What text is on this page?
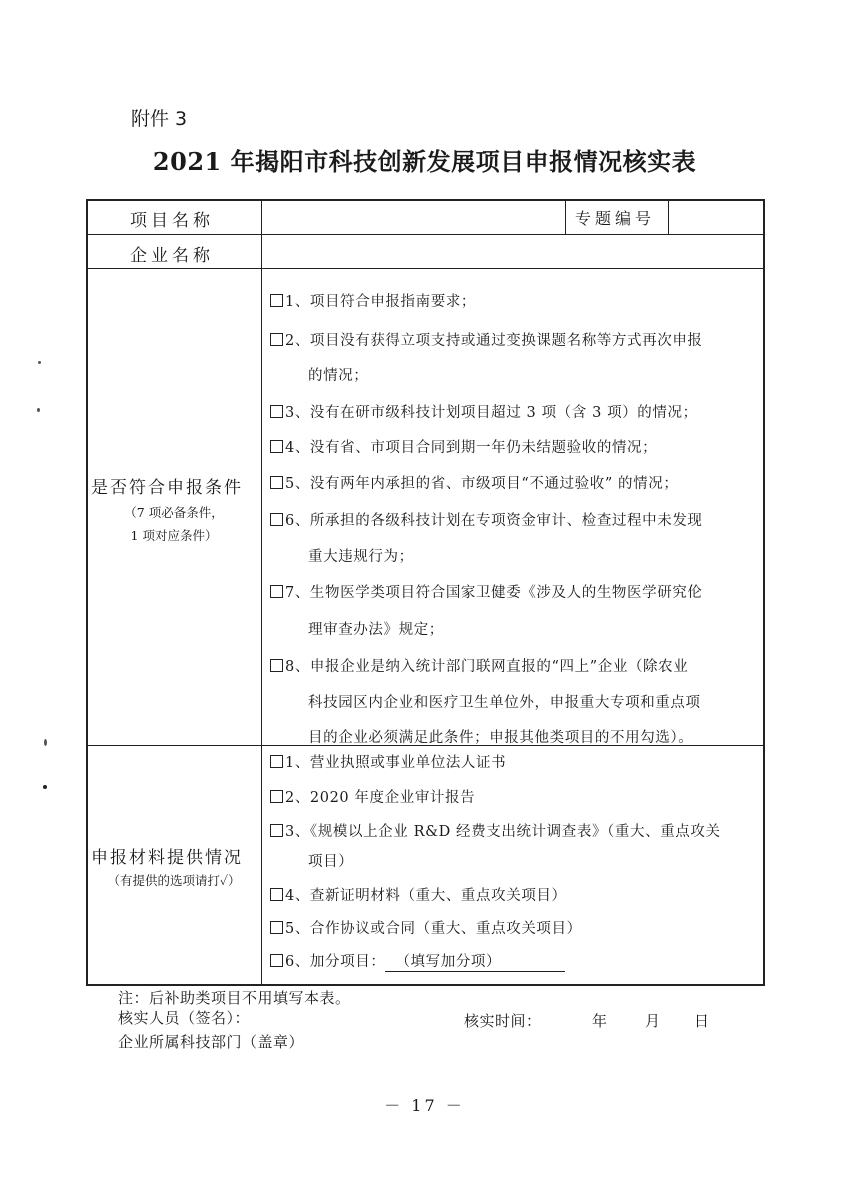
附件 3
2021 年揭阳市科技创新发展项目申报情况核实表
项目名称	专题编号
企业名称
是否符合申报条件
（7 项必备条件，
1 项对应条件）
1、项目符合申报指南要求；
2、项目没有获得立项支持或通过变换课题名称等方式再次申报
的情况；
3、没有在研市级科技计划项目超过 3 项（含 3 项）的情况；
4、没有省、市项目合同到期一年仍未结题验收的情况；
5、没有两年内承担的省、市级项目“不通过验收” 的情况；
6、所承担的各级科技计划在专项资金审计、检查过程中未发现
重大违规行为；
7、生物医学类项目符合国家卫健委《涉及人的生物医学研究伦
理审查办法》规定；
8、申报企业是纳入统计部门联网直报的“四上”企业（除农业
科技园区内企业和医疗卫生单位外，申报重大专项和重点项
目的企业必须满足此条件；申报其他类项目的不用勾选）。
申报材料提供情况
（有提供的选项请打✓）
1、营业执照或事业单位法人证书
2、2020 年度企业审计报告
3、《规模以上企业 R&D 经费支出统计调查表》（重大、重点攻关
项目）
4、查新证明材料（重大、重点攻关项目）
5、合作协议或合同（重大、重点攻关项目）
6、加分项目： （填写加分项）
注：后补助类项目不用填写本表。
核实人员（签名）：	核实时间：	年 月 日
企业所属科技部门（盖章）
－ 17 －
